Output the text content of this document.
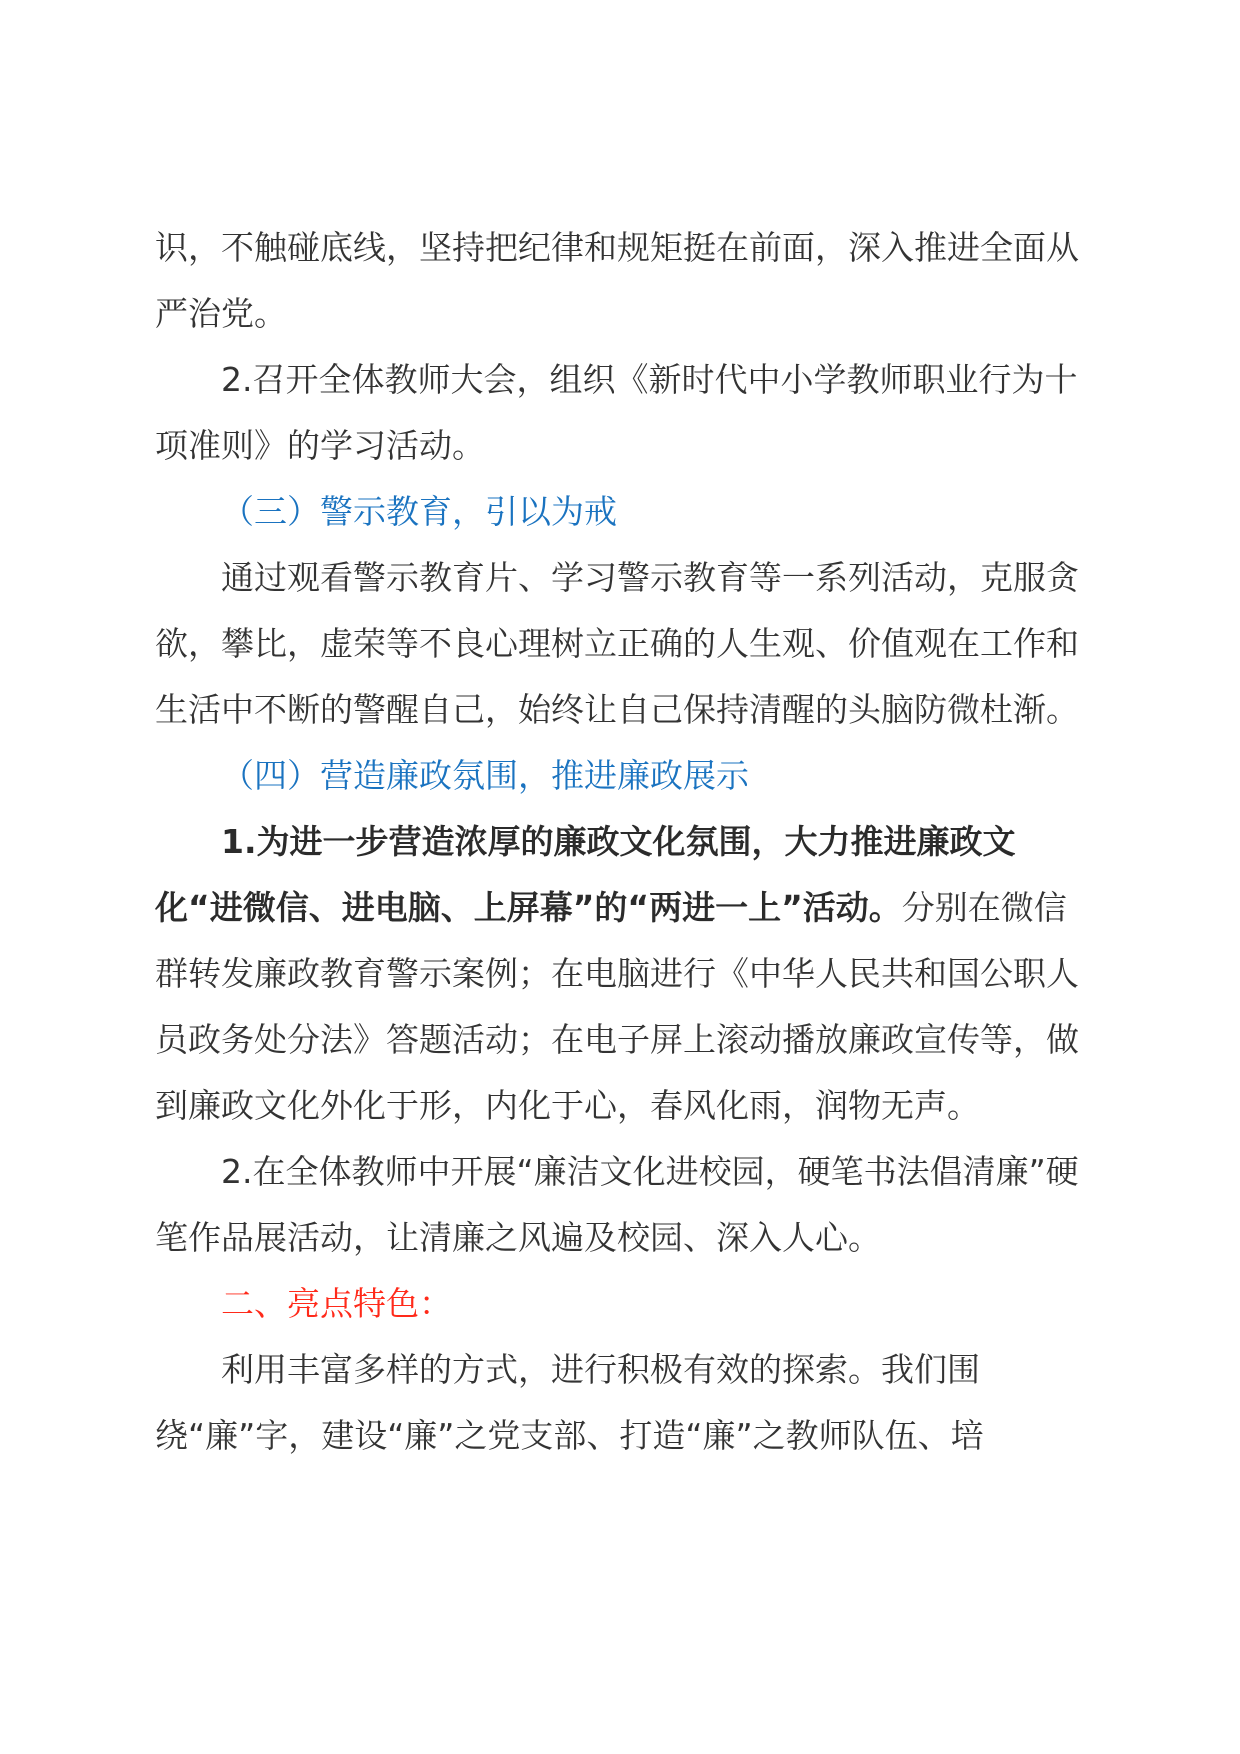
识，不触碰底线，坚持把纪律和规矩挺在前面，深入推进全面从严治党。

2.召开全体教师大会，组织《新时代中小学教师职业行为十项准则》的学习活动。

（三）警示教育，引以为戒

通过观看警示教育片、学习警示教育等一系列活动，克服贪欲，攀比，虚荣等不良心理树立正确的人生观、价值观在工作和生活中不断的警醒自己，始终让自己保持清醒的头脑防微杜渐。

（四）营造廉政氛围，推进廉政展示

1.为进一步营造浓厚的廉政文化氛围，大力推进廉政文化“进微信、进电脑、上屏幕”的“两进一上”活动。分别在微信群转发廉政教育警示案例；在电脑进行《中华人民共和国公职人员政务处分法》答题活动；在电子屏上滚动播放廉政宣传等，做到廉政文化外化于形，内化于心，春风化雨，润物无声。

2.在全体教师中开展“廉洁文化进校园，硬笔书法倡清廉”硬笔作品展活动，让清廉之风遍及校园、深入人心。

二、亮点特色：

利用丰富多样的方式，进行积极有效的探索。我们围绕“廉”字，建设“廉”之党支部、打造“廉”之教师队伍、培
